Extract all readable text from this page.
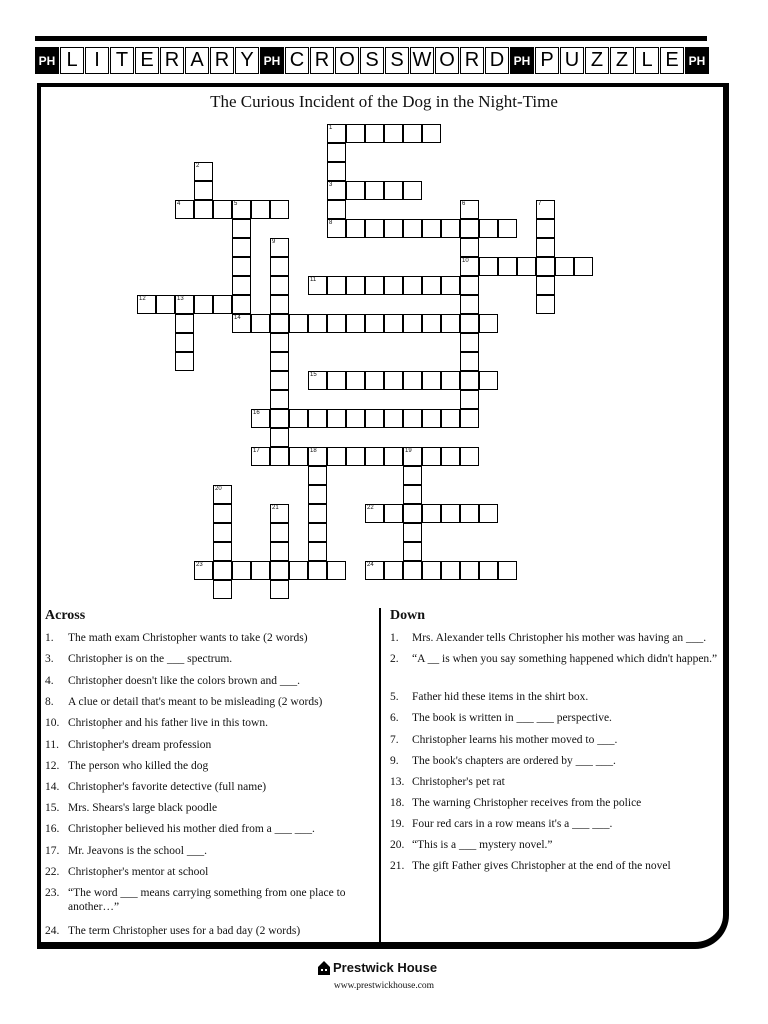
PH L I T E R A R Y PH C R O S S W O R D PH P U Z Z L E PH
The Curious Incident of the Dog in the Night-Time
1
3
8
2
4	5
14
6
10
7
9
11
12	13
15
16
17	18	19
20
21	22
23	24
Across	Down
1. The math exam Christopher wants to take (2 words)
3. Christopher is on the ___ spectrum.
4. Christopher doesn't like the colors brown and ___.
8. A clue or detail that's meant to be misleading (2 words)
10. Christopher and his father live in this town.
11. Christopher's dream profession
12. The person who killed the dog
14. Christopher's favorite detective (full name)
15. Mrs. Shears's large black poodle
16. Christopher believed his mother died from a ___ ___.
17. Mr. Jeavons is the school ___.
22. Christopher's mentor at school
23. “The word ___ means carrying something from one place to another…”
24. The term Christopher uses for a bad day (2 words)
1. Mrs. Alexander tells Christopher his mother was having an ___.
2. “A __ is when you say something happened which didn't happen.”
5. Father hid these items in the shirt box.
6. The book is written in ___ ___ perspective.
7. Christopher learns his mother moved to ___.
9. The book's chapters are ordered by ___ ___.
13. Christopher's pet rat
18. The warning Christopher receives from the police
19. Four red cars in a row means it's a ___ ___.
20. “This is a ___ mystery novel.”
21. The gift Father gives Christopher at the end of the novel
Prestwick House
www.prestwickhouse.com
